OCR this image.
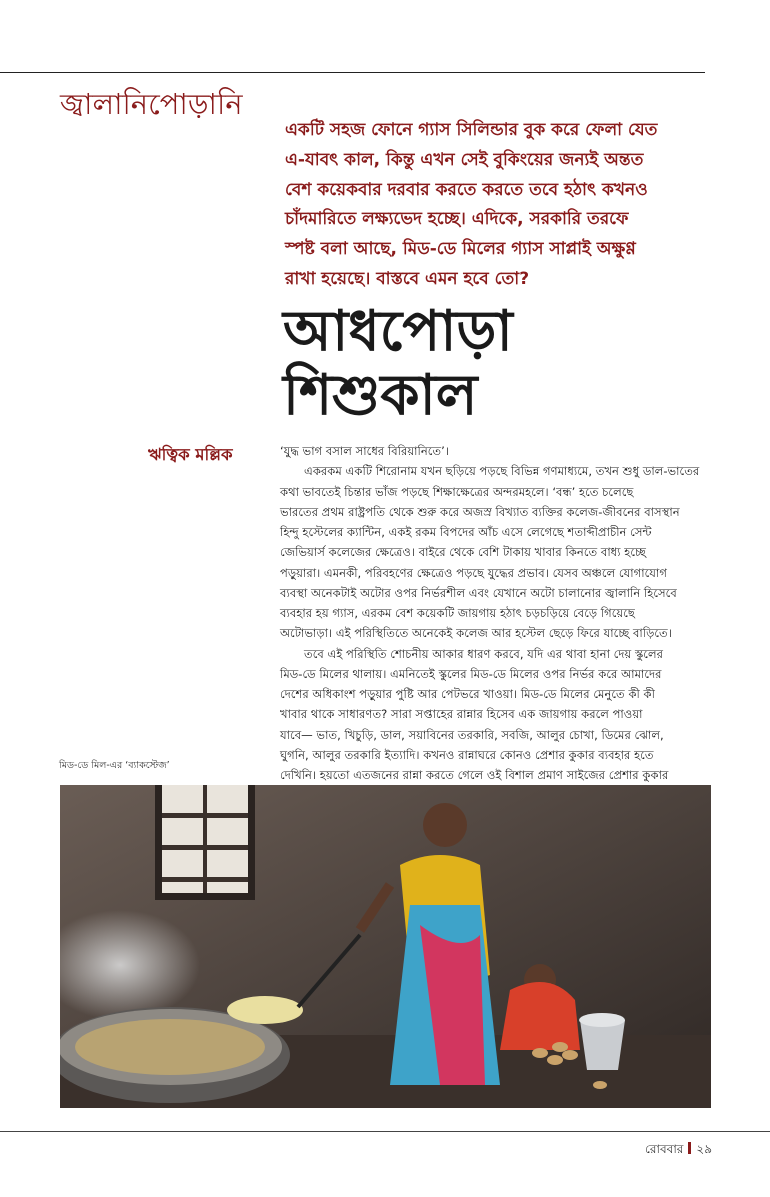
জ্বালানিপোড়ানি

একটি সহজ ফোনে গ্যাস সিলিন্ডার বুক করে ফেলা যেত

এ-যাবৎ কাল, কিন্তু এখন সেই বুকিংয়ের জন্যই অন্তত

বেশ কয়েকবার দরবার করতে করতে তবে হঠাৎ কখনও

চাঁদমারিতে লক্ষ্যভেদ হচ্ছে। এদিকে, সরকারি তরফে

স্পষ্ট বলা আছে, মিড-ডে মিলের গ্যাস সাপ্লাই অক্ষুণ্ণ

রাখা হয়েছে। বাস্তবে এমন হবে তো?

আধপোড়া
শিশুকাল
ঋত্বিক মল্লিক	‘যুদ্ধ ভাগ বসাল সাধের বিরিয়ানিতে’।

একরকম একটি শিরোনাম যখন ছড়িয়ে পড়ছে বিভিন্ন গণমাধ্যমে, তখন শুধু ডাল-ভাতের

কথা ভাবতেই চিন্তার ভাঁজ পড়ছে শিক্ষাক্ষেত্রের অন্দরমহলে। ‘বন্ধ’ হতে চলেছে

ভারতের প্রথম রাষ্ট্রপতি থেকে শুরু করে অজস্র বিখ্যাত ব্যক্তির কলেজ-জীবনের বাসস্থান

হিন্দু হস্টেলের ক্যান্টিন, একই রকম বিপদের আঁচ এসে লেগেছে শতাব্দীপ্রাচীন সেন্ট

জেভিয়ার্স কলেজের ক্ষেত্রেও। বাইরে থেকে বেশি টাকায় খাবার কিনতে বাধ্য হচ্ছে

পড়ুয়ারা। এমনকী, পরিবহণের ক্ষেত্রেও পড়ছে যুদ্ধের প্রভাব। যেসব অঞ্চলে যোগাযোগ

ব্যবস্থা অনেকটাই অটোর ওপর নির্ভরশীল এবং যেখানে অটো চালানোর জ্বালানি হিসেবে

ব্যবহার হয় গ্যাস, এরকম বেশ কয়েকটি জায়গায় হঠাৎ চড়চড়িয়ে বেড়ে গিয়েছে

অটোভাড়া। এই পরিস্থিতিতে অনেকেই কলেজ আর হস্টেল ছেড়ে ফিরে যাচ্ছে বাড়িতে।

তবে এই পরিস্থিতি শোচনীয় আকার ধারণ করবে, যদি এর থাবা হানা দেয় স্কুলের

মিড-ডে মিলের থালায়। এমনিতেই স্কুলের মিড-ডে মিলের ওপর নির্ভর করে আমাদের

দেশের অধিকাংশ পড়ুয়ার পুষ্টি আর পেটভরে খাওয়া। মিড-ডে মিলের মেনুতে কী কী

খাবার থাকে সাধারণত? সারা সপ্তাহের রান্নার হিসেব এক জায়গায় করলে পাওয়া

যাবে— ভাত, খিচুড়ি, ডাল, সয়াবিনের তরকারি, সবজি, আলুর চোখা, ডিমের ঝোল,

ঘুগনি, আলুর তরকারি ইত্যাদি। কখনও রান্নাঘরে কোনও প্রেশার কুকার ব্যবহার হতে

দেখিনি। হয়তো এতজনের রান্না করতে গেলে ওই বিশাল প্রমাণ সাইজের প্রেশার কুকার

মিড-ডে মিল-এর ‘ব্যাকস্টেজ’
রোববার ২৯
